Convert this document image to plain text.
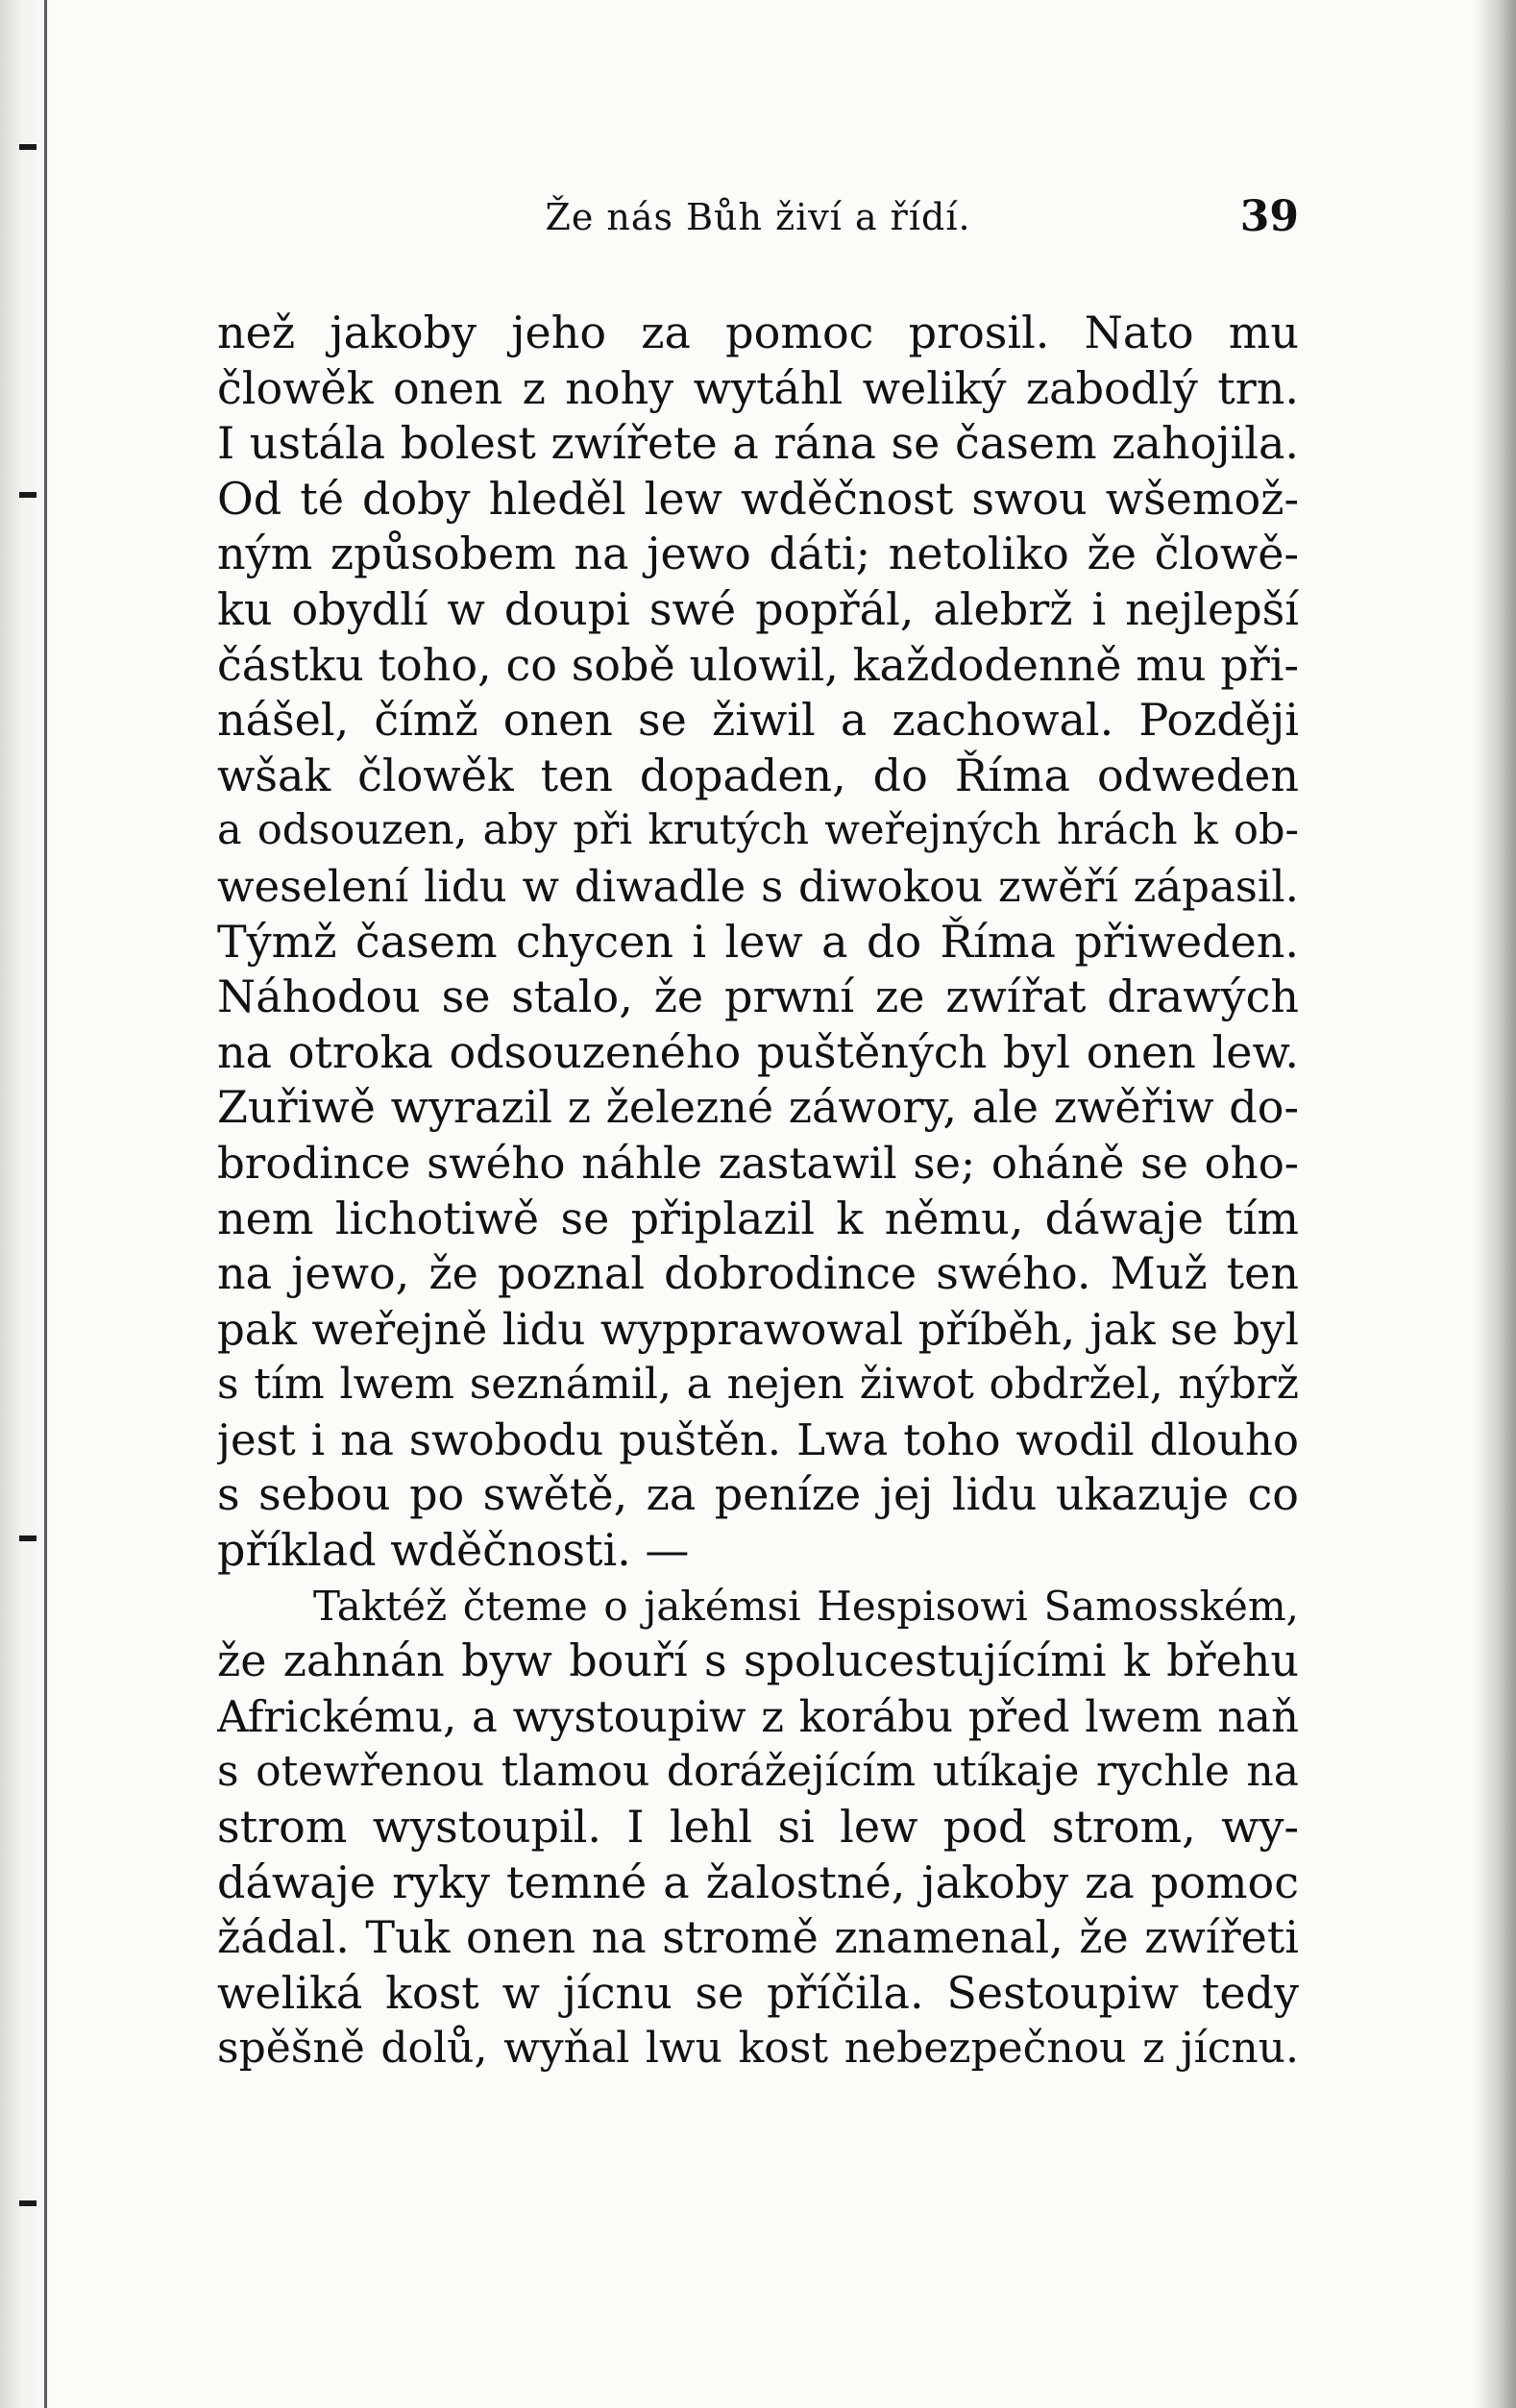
Že nás Bůh živí a řídí.	39
než jakoby jeho za pomoc prosil. Nato mu
člowěk onen z nohy wytáhl weliký zabodlý trn.
I ustála bolest zwířete a rána se časem zahojila.
Od té doby hleděl lew wděčnost swou wšemož-
ným způsobem na jewo dáti; netoliko že člowě-
ku obydlí w doupi swé popřál, alebrž i nejlepší
částku toho, co sobě ulowil, každodenně mu při-
nášel, čímž onen se žiwil a zachowal. Později
wšak člowěk ten dopaden, do Říma odweden
a odsouzen, aby při krutých weřejných hrách k ob-
weselení lidu w diwadle s diwokou zwěří zápasil.
Týmž časem chycen i lew a do Říma přiweden.
Náhodou se stalo, že prwní ze zwířat drawých
na otroka odsouzeného puštěných byl onen lew.
Zuřiwě wyrazil z železné záwory, ale zwěřiw do-
brodince swého náhle zastawil se; oháně se oho-
nem lichotiwě se připlazil k němu, dáwaje tím
na jewo, že poznal dobrodince swého. Muž ten
pak weřejně lidu wypprawowal příběh, jak se byl
s tím lwem seznámil, a nejen žiwot obdržel, nýbrž
jest i na swobodu puštěn. Lwa toho wodil dlouho
s sebou po swětě, za peníze jej lidu ukazuje co
příklad wděčnosti. —
Taktéž čteme o jakémsi Hespisowi Samosském,
že zahnán byw bouří s spolucestujícími k břehu
Africkému, a wystoupiw z korábu před lwem naň
s otewřenou tlamou dorážejícím utíkaje rychle na
strom wystoupil. I lehl si lew pod strom, wy-
dáwaje ryky temné a žalostné, jakoby za pomoc
žádal. Tuk onen na stromě znamenal, že zwířeti
weliká kost w jícnu se příčila. Sestoupiw tedy
spěšně dolů, wyňal lwu kost nebezpečnou z jícnu.
